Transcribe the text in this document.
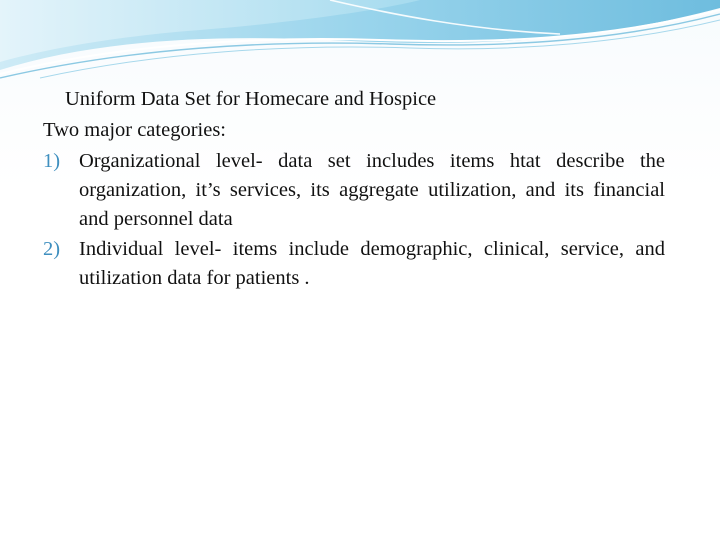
Uniform Data Set for Homecare and Hospice

Two major categories:

1) Organizational level- data set includes items htat describe the organization, it’s services, its aggregate utilization, and its financial and personnel data
2) Individual level- items include demographic, clinical, service, and utilization data for patients .
